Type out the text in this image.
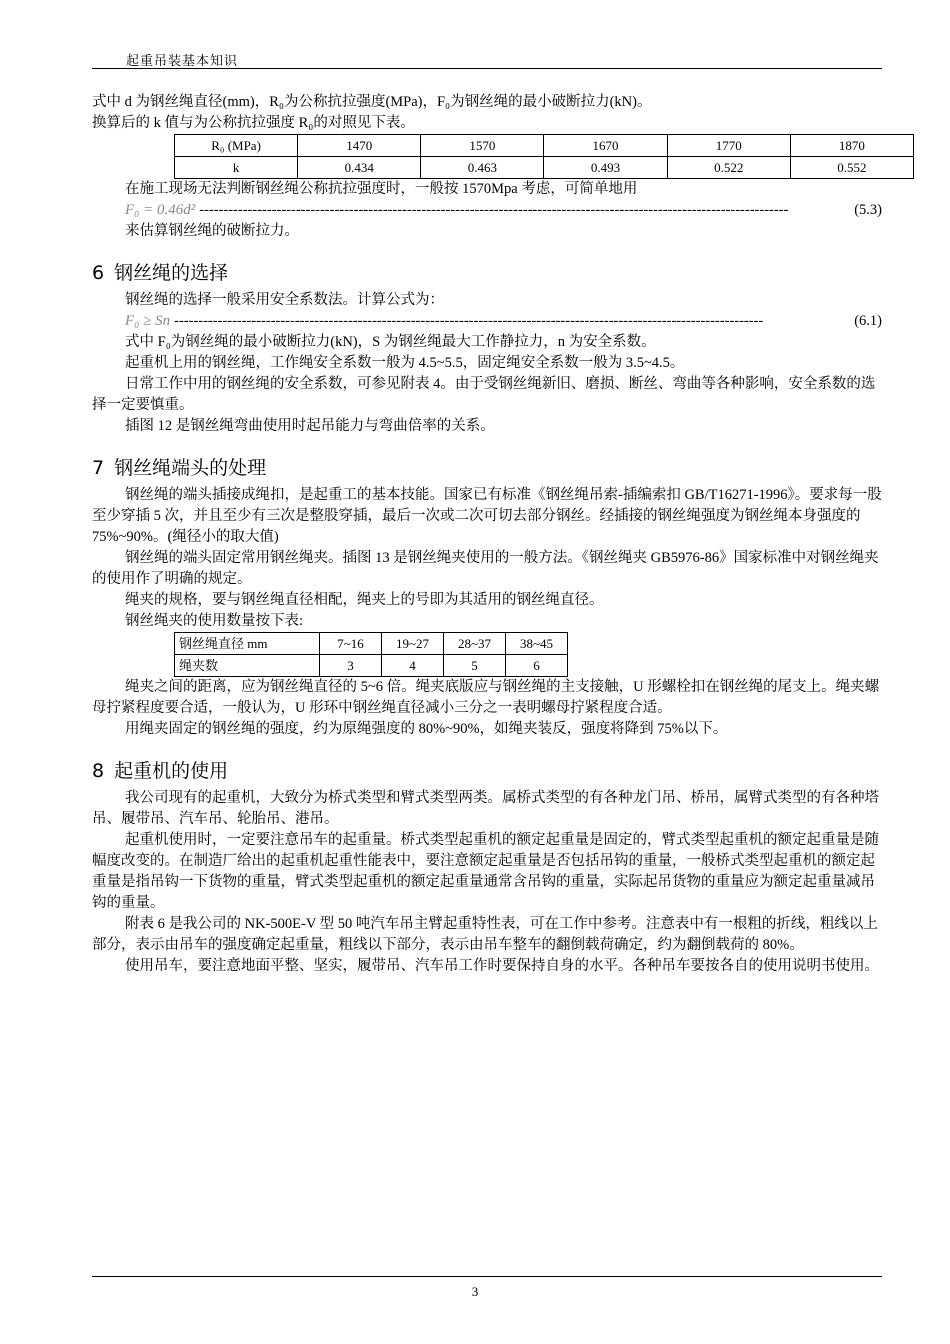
起重吊装基本知识

式中 d 为钢丝绳直径(mm)，R₀为公称抗拉强度(MPa)，F₀为钢丝绳的最小破断拉力(kN)。

换算后的 k 值与为公称抗拉强度 R₀的对照见下表。

R₀ (MPa)	1470	1570	1670	1770	1870
k	0.434	0.463	0.493	0.522	0.552

在施工现场无法判断钢丝绳公称抗拉强度时，一般按 1570Mpa 考虑，可简单地用

F₀ = 0.46d² --------------------------------------------------------------------------------------------------------------------------	(5.3)

来估算钢丝绳的破断拉力。

6 钢丝绳的选择

钢丝绳的选择一般采用安全系数法。计算公式为：

F₀ ≥ Sn --------------------------------------------------------------------------------------------------------------------------	(6.1)

式中 F₀为钢丝绳的最小破断拉力(kN)，S 为钢丝绳最大工作静拉力，n 为安全系数。

起重机上用的钢丝绳，工作绳安全系数一般为 4.5~5.5，固定绳安全系数一般为 3.5~4.5。

日常工作中用的钢丝绳的安全系数，可参见附表 4。由于受钢丝绳新旧、磨损、断丝、弯曲等各种影响，安全系数的选择一定要慎重。

插图 12 是钢丝绳弯曲使用时起吊能力与弯曲倍率的关系。

7 钢丝绳端头的处理

钢丝绳的端头插接成绳扣，是起重工的基本技能。国家已有标准《钢丝绳吊索-插编索扣 GB/T16271-1996》。要求每一股至少穿插 5 次，并且至少有三次是整股穿插，最后一次或二次可切去部分钢丝。经插接的钢丝绳强度为钢丝绳本身强度的 75%~90%。(绳径小的取大值)

钢丝绳的端头固定常用钢丝绳夹。插图 13 是钢丝绳夹使用的一般方法。《钢丝绳夹 GB5976-86》国家标准中对钢丝绳夹的使用作了明确的规定。

绳夹的规格，要与钢丝绳直径相配，绳夹上的号即为其适用的钢丝绳直径。

钢丝绳夹的使用数量按下表:

钢丝绳直径 mm	7~16	19~27	28~37	38~45
绳夹数	3	4	5	6

绳夹之间的距离，应为钢丝绳直径的 5~6 倍。绳夹底版应与钢丝绳的主支接触，U 形螺栓扣在钢丝绳的尾支上。绳夹螺母拧紧程度要合适，一般认为，U 形环中钢丝绳直径减小三分之一表明螺母拧紧程度合适。

用绳夹固定的钢丝绳的强度，约为原绳强度的 80%~90%，如绳夹装反，强度将降到 75%以下。

8 起重机的使用

我公司现有的起重机，大致分为桥式类型和臂式类型两类。属桥式类型的有各种龙门吊、桥吊，属臂式类型的有各种塔吊、履带吊、汽车吊、轮胎吊、港吊。

起重机使用时，一定要注意吊车的起重量。桥式类型起重机的额定起重量是固定的，臂式类型起重机的额定起重量是随幅度改变的。在制造厂给出的起重机起重性能表中，要注意额定起重量是否包括吊钩的重量，一般桥式类型起重机的额定起重量是指吊钩一下货物的重量，臂式类型起重机的额定起重量通常含吊钩的重量，实际起吊货物的重量应为额定起重量减吊钩的重量。

附表 6 是我公司的 NK-500E-V 型 50 吨汽车吊主臂起重特性表，可在工作中参考。注意表中有一根粗的折线，粗线以上部分，表示由吊车的强度确定起重量，粗线以下部分，表示由吊车整车的翻倒载荷确定，约为翻倒载荷的 80%。

使用吊车，要注意地面平整、坚实，履带吊、汽车吊工作时要保持自身的水平。各种吊车要按各自的使用说明书使用。

3
